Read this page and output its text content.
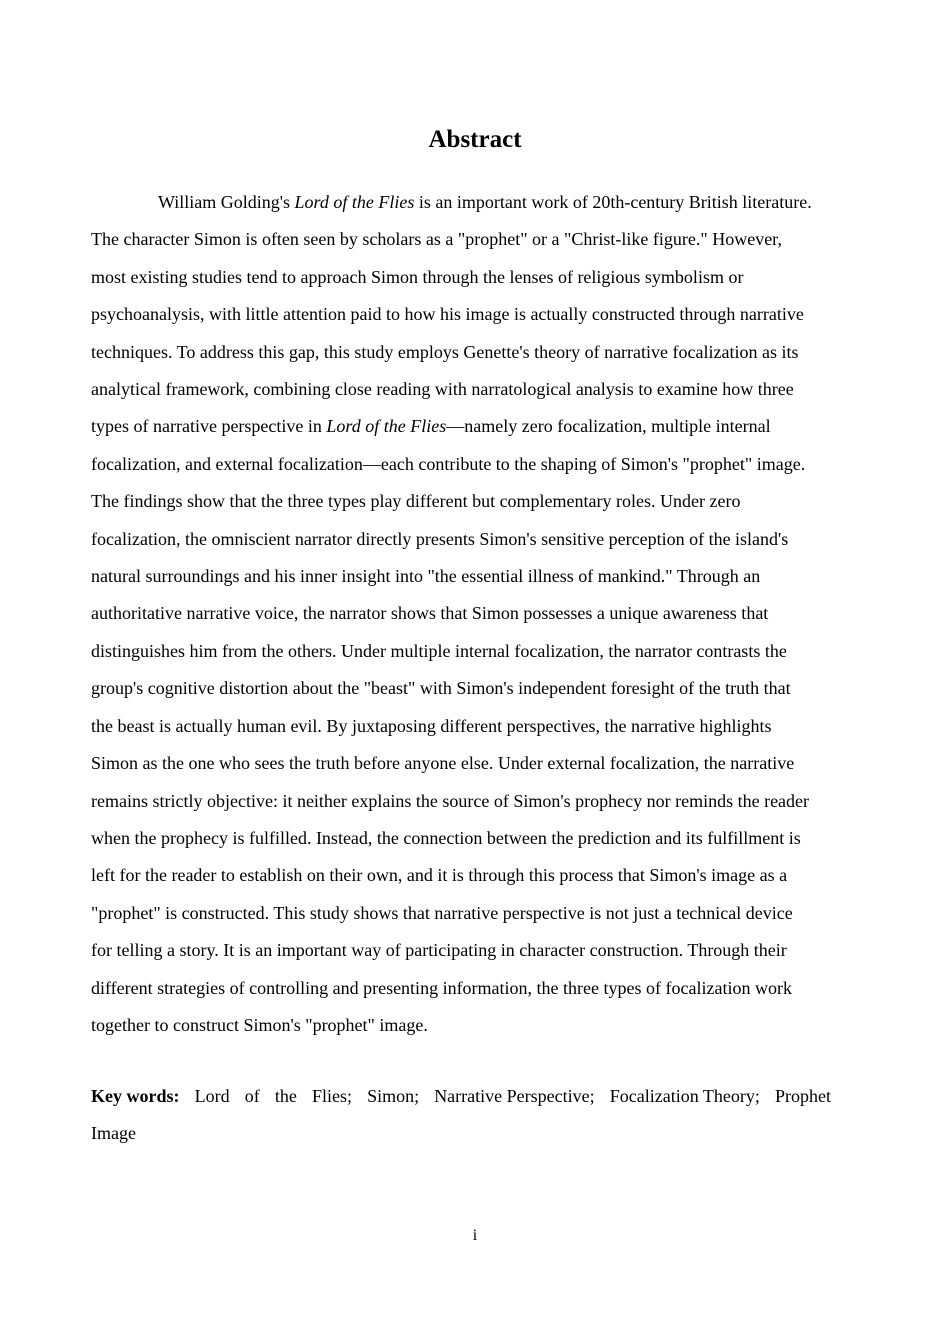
Abstract
William Golding's Lord of the Flies is an important work of 20th-century British literature.
The character Simon is often seen by scholars as a "prophet" or a "Christ-like figure." However,
most existing studies tend to approach Simon through the lenses of religious symbolism or
psychoanalysis, with little attention paid to how his image is actually constructed through narrative
techniques. To address this gap, this study employs Genette's theory of narrative focalization as its
analytical framework, combining close reading with narratological analysis to examine how three
types of narrative perspective in Lord of the Flies—namely zero focalization, multiple internal
focalization, and external focalization—each contribute to the shaping of Simon's "prophet" image.
The findings show that the three types play different but complementary roles. Under zero
focalization, the omniscient narrator directly presents Simon's sensitive perception of the island's
natural surroundings and his inner insight into "the essential illness of mankind." Through an
authoritative narrative voice, the narrator shows that Simon possesses a unique awareness that
distinguishes him from the others. Under multiple internal focalization, the narrator contrasts the
group's cognitive distortion about the "beast" with Simon's independent foresight of the truth that
the beast is actually human evil. By juxtaposing different perspectives, the narrative highlights
Simon as the one who sees the truth before anyone else. Under external focalization, the narrative
remains strictly objective: it neither explains the source of Simon's prophecy nor reminds the reader
when the prophecy is fulfilled. Instead, the connection between the prediction and its fulfillment is
left for the reader to establish on their own, and it is through this process that Simon's image as a
"prophet" is constructed. This study shows that narrative perspective is not just a technical device
for telling a story. It is an important way of participating in character construction. Through their
different strategies of controlling and presenting information, the three types of focalization work
together to construct Simon's "prophet" image.
Key words: Lord of the Flies; Simon; Narrative Perspective; Focalization Theory; Prophet
Image
i
